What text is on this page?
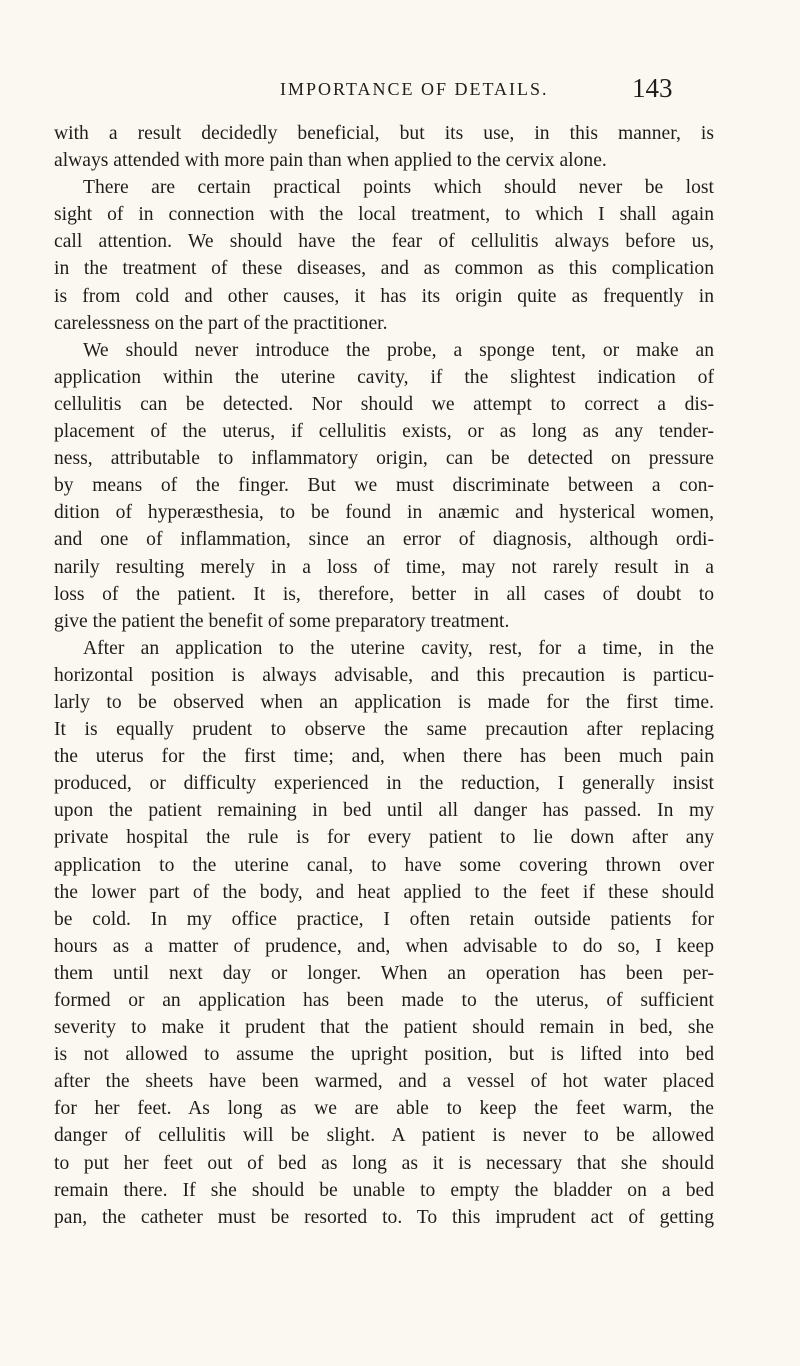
IMPORTANCE OF DETAILS.	143
with a result decidedly beneficial, but its use, in this manner, is
always attended with more pain than when applied to the cervix alone.
There are certain practical points which should never be lost
sight of in connection with the local treatment, to which I shall again
call attention. We should have the fear of cellulitis always before us,
in the treatment of these diseases, and as common as this complication
is from cold and other causes, it has its origin quite as frequently in
carelessness on the part of the practitioner.
We should never introduce the probe, a sponge tent, or make an
application within the uterine cavity, if the slightest indication of
cellulitis can be detected. Nor should we attempt to correct a dis-
placement of the uterus, if cellulitis exists, or as long as any tender-
ness, attributable to inflammatory origin, can be detected on pressure
by means of the finger. But we must discriminate between a con-
dition of hyperæsthesia, to be found in anæmic and hysterical women,
and one of inflammation, since an error of diagnosis, although ordi-
narily resulting merely in a loss of time, may not rarely result in a
loss of the patient. It is, therefore, better in all cases of doubt to
give the patient the benefit of some preparatory treatment.
After an application to the uterine cavity, rest, for a time, in the
horizontal position is always advisable, and this precaution is particu-
larly to be observed when an application is made for the first time.
It is equally prudent to observe the same precaution after replacing
the uterus for the first time; and, when there has been much pain
produced, or difficulty experienced in the reduction, I generally insist
upon the patient remaining in bed until all danger has passed. In my
private hospital the rule is for every patient to lie down after any
application to the uterine canal, to have some covering thrown over
the lower part of the body, and heat applied to the feet if these should
be cold. In my office practice, I often retain outside patients for
hours as a matter of prudence, and, when advisable to do so, I keep
them until next day or longer. When an operation has been per-
formed or an application has been made to the uterus, of sufficient
severity to make it prudent that the patient should remain in bed, she
is not allowed to assume the upright position, but is lifted into bed
after the sheets have been warmed, and a vessel of hot water placed
for her feet. As long as we are able to keep the feet warm, the
danger of cellulitis will be slight. A patient is never to be allowed
to put her feet out of bed as long as it is necessary that she should
remain there. If she should be unable to empty the bladder on a bed
pan, the catheter must be resorted to. To this imprudent act of getting
